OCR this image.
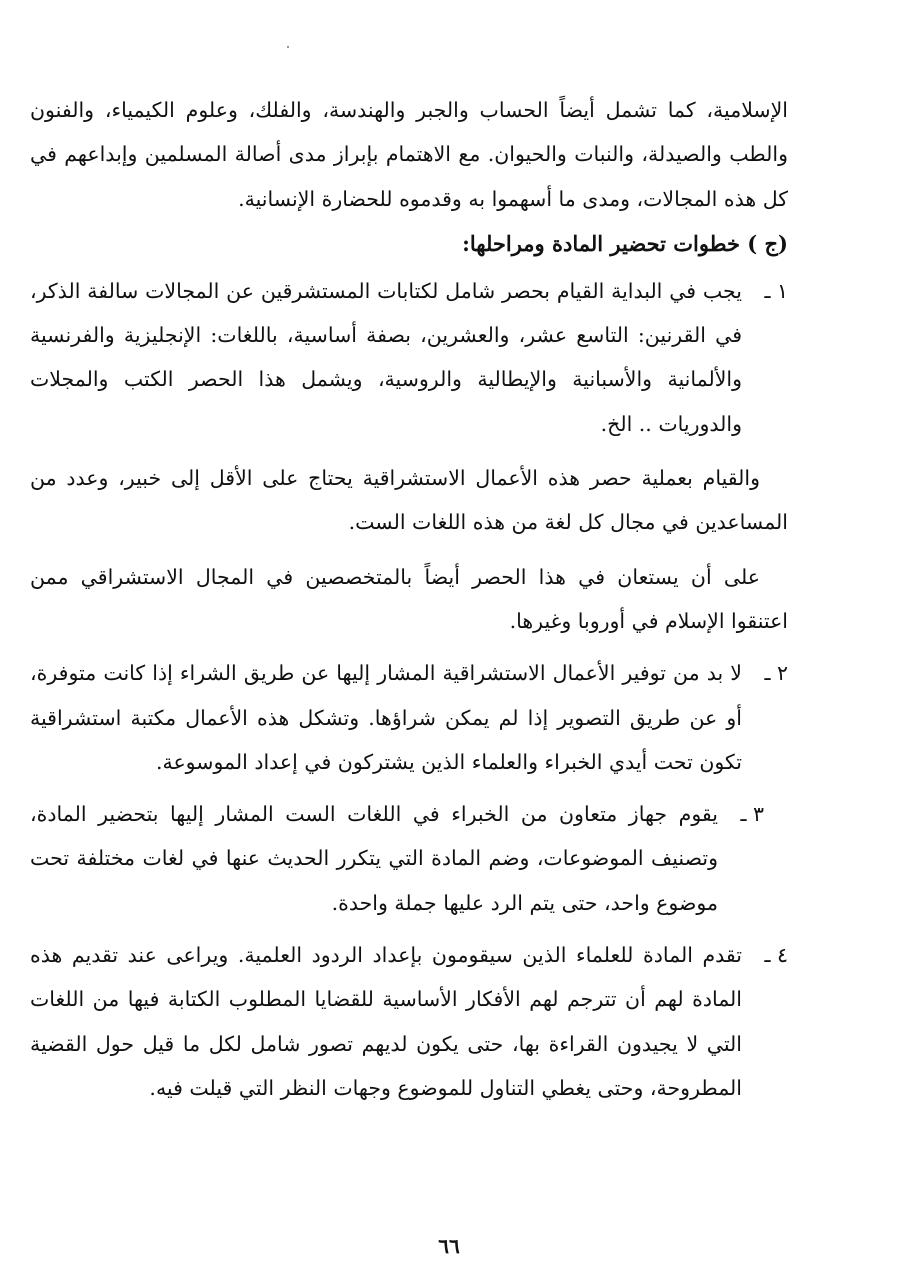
الإسلامية، كما تشمل أيضاً الحساب والجبر والهندسة، والفلك، وعلوم الكيمياء، والفنون والطب والصيدلة، والنبات والحيوان. مع الاهتمام بإبراز مدى أصالة المسلمين وإبداعهم في كل هذه المجالات، ومدى ما أسهموا به وقدموه للحضارة الإنسانية.

(ج ) خطوات تحضير المادة ومراحلها:

١ ـ
يجب في البداية القيام بحصر شامل لكتابات المستشرقين عن المجالات سالفة الذكر، في القرنين: التاسع عشر، والعشرين، بصفة أساسية، باللغات: الإنجليزية والفرنسية والألمانية والأسبانية والإيطالية والروسية، ويشمل هذا الحصر الكتب والمجلات والدوريات .. الخ.

والقيام بعملية حصر هذه الأعمال الاستشراقية يحتاج على الأقل إلى خبير، وعدد من المساعدين في مجال كل لغة من هذه اللغات الست.

على أن يستعان في هذا الحصر أيضاً بالمتخصصين في المجال الاستشراقي ممن اعتنقوا الإسلام في أوروبا وغيرها.

٢ ـ
لا بد من توفير الأعمال الاستشراقية المشار إليها عن طريق الشراء إذا كانت متوفرة، أو عن طريق التصوير إذا لم يمكن شراؤها. وتشكل هذه الأعمال مكتبة استشراقية تكون تحت أيدي الخبراء والعلماء الذين يشتركون في إعداد الموسوعة.
٣ ـ
يقوم جهاز متعاون من الخبراء في اللغات الست المشار إليها بتحضير المادة، وتصنيف الموضوعات، وضم المادة التي يتكرر الحديث عنها في لغات مختلفة تحت موضوع واحد، حتى يتم الرد عليها جملة واحدة.
٤ ـ
تقدم المادة للعلماء الذين سيقومون بإعداد الردود العلمية. ويراعى عند تقديم هذه المادة لهم أن تترجم لهم الأفكار الأساسية للقضايا المطلوب الكتابة فيها من اللغات التي لا يجيدون القراءة بها، حتى يكون لديهم تصور شامل لكل ما قيل حول القضية المطروحة، وحتى يغطي التناول للموضوع وجهات النظر التي قيلت فيه.
٦٦
